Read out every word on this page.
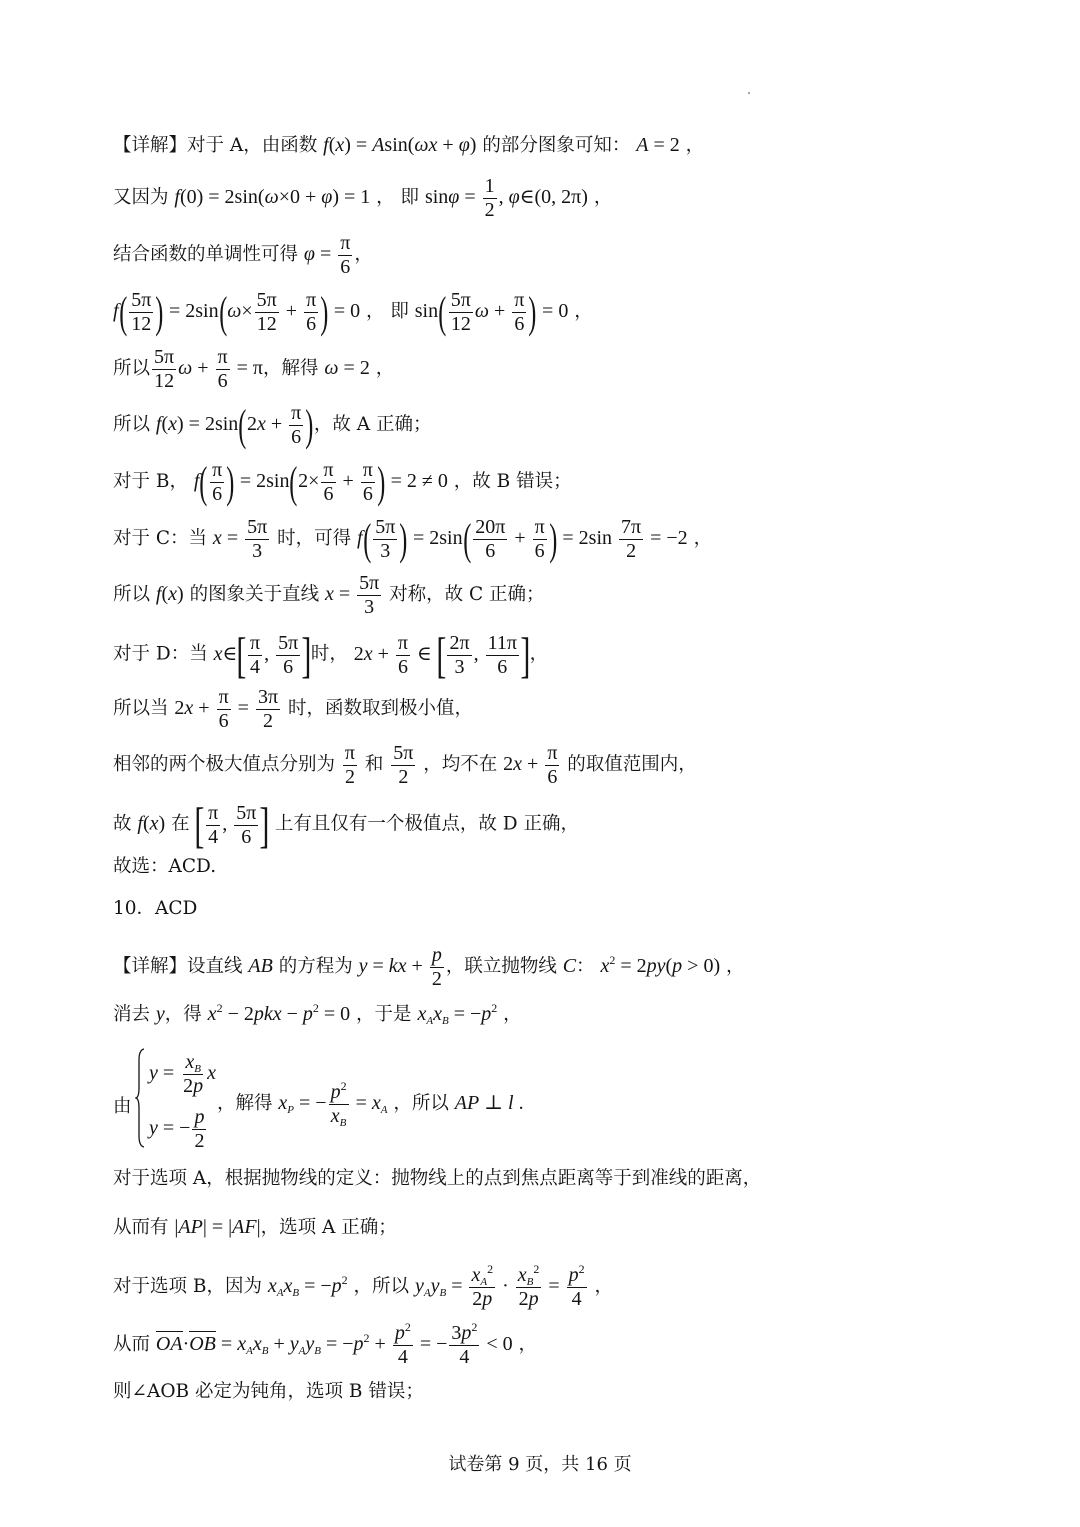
【详解】对于 A，由函数 f(x) = Asin(ωx + φ) 的部分图象可知： A = 2 ，
又因为 f(0) = 2sin(ω×0 + φ) = 1 ， 即 $\sin\varphi = \frac{1}{2}$ , φ∈(0, 2π) ，
结合函数的单调性可得 $\varphi = \frac{\pi}{6}$ ，
$f( \frac{5\pi}{12}$ ) = $2\sin(\omega\times \frac{5\pi}{12} + \frac{\pi}{6}$ ) = 0 ， 即 $\sin( \frac{5\pi}{12}$ $\omega + \frac{\pi}{6}$ ) = 0 ，
所以 $\frac{5\pi}{12}$ $\omega + \frac{\pi}{6} = \pi$，解得 ω = 2 ，
所以 $f(x) = 2\sin(2x + \frac{\pi}{6}$ )，故 A 正确；
对于 B， $f( \frac{\pi}{6}$ ) = $2\sin(2\times \frac{\pi}{6} + \frac{\pi}{6}$ ) = 2 ≠ 0 ，故 B 错误；
对于 C：当 $x = \frac{5\pi}{3}$ 时，可得 $f( \frac{5\pi}{3}$ ) = $2\sin( \frac{20\pi}{6} + \frac{\pi}{6}$ ) = $2\sin \frac{7\pi}{2} = -2$ ，
所以 f(x) 的图象关于直线 $x = \frac{5\pi}{3}$ 对称，故 C 正确；
对于 D：当 x∈[ $\frac{\pi}{4}$ , $\frac{5\pi}{6}$ ]时， $2x + \frac{\pi}{6}$ ∈ [ $\frac{2\pi}{3}$ , $\frac{11\pi}{6}$ ]，
所以当 $2x + \frac{\pi}{6} = \frac{3\pi}{2}$ 时，函数取到极小值，
相邻的两个极大值点分别为 $\frac{\pi}{2}$ 和 $\frac{5\pi}{2}$ ，均不在 $2x + \frac{\pi}{6}$ 的取值范围内，
故 f(x) 在 [ $\frac{\pi}{4}$ , $\frac{5\pi}{6}$ ] 上有且仅有一个极值点，故 D 正确，
故选：ACD.
10．ACD
【详解】设直线 AB 的方程为 y = kx + $\frac{p}{2}$ ，联立抛物线 C： $x^2 = 2py(p > 0)$ ，
消去 y，得 $x^2 - 2pkx - p^2 = 0$ ，于是 $x_Ax_B = -p^2$ ，
由
$y = \frac{x_B}{2p}$ x
y = − $\frac{p}{2}$
，解得 $x_P$ = − $\frac{p^2}{x_B} = x_A$ ，所以 AP ⊥ l .
对于选项 A，根据抛物线的定义：抛物线上的点到焦点距离等于到准线的距离，
从而有 |AP| = |AF|，选项 A 正确；
对于选项 B，因为 $x_Ax_B = -p^2$ ，所以 $y_Ay_B = \frac{x_A^2}{2p} \cdot \frac{x_B^2}{2p} = \frac{p^2}{4}$ ，
从而 $OA\cdot OB = x_Ax_B + y_Ay_B = -p^2 + \frac{p^2}{4}$ = − $\frac{3p^2}{4} < 0$ ，
则∠AOB 必定为钝角，选项 B 错误；
试卷第 9 页，共 16 页
